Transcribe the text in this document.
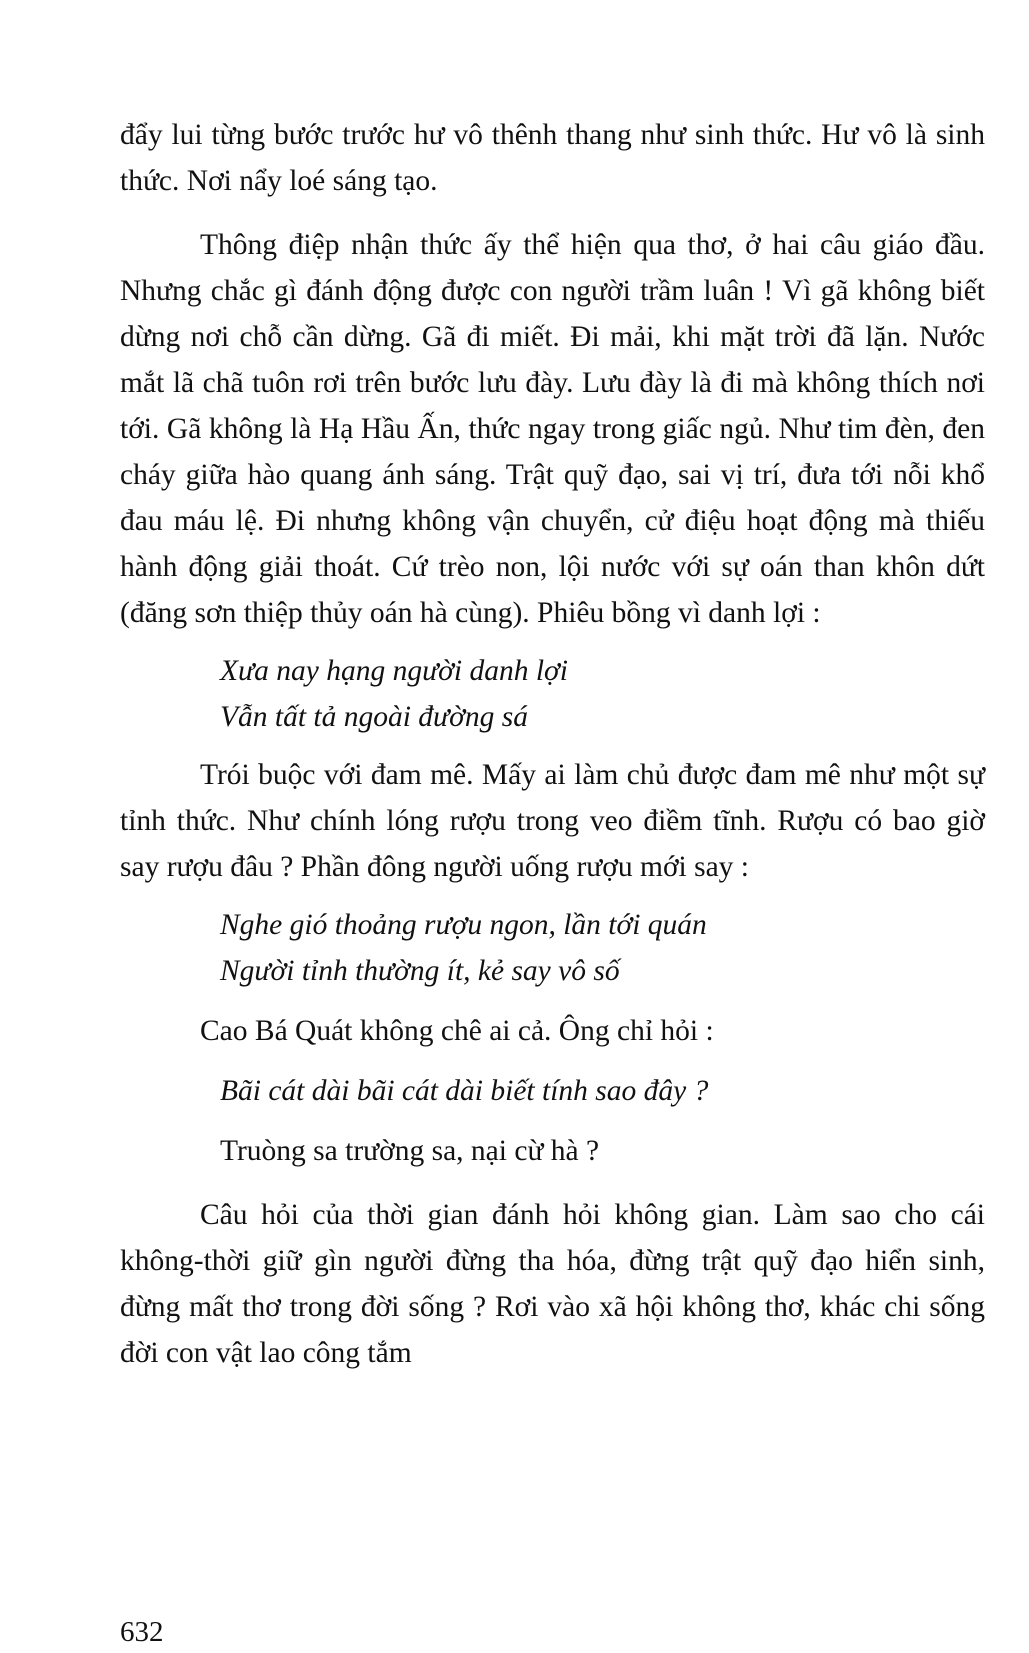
đẩy lui từng bước trước hư vô thênh thang như sinh thức. Hư vô là sinh thức. Nơi nẩy loé sáng tạo.

Thông điệp nhận thức ấy thể hiện qua thơ, ở hai câu giáo đầu. Nhưng chắc gì đánh động được con người trầm luân ! Vì gã không biết dừng nơi chỗ cần dừng. Gã đi miết. Đi mải, khi mặt trời đã lặn. Nước mắt lã chã tuôn rơi trên bước lưu đày. Lưu đày là đi mà không thích nơi tới. Gã không là Hạ Hầu Ấn, thức ngay trong giấc ngủ. Như tim đèn, đen cháy giữa hào quang ánh sáng. Trật quỹ đạo, sai vị trí, đưa tới nỗi khổ đau máu lệ. Đi nhưng không vận chuyển, cử điệu hoạt động mà thiếu hành động giải thoát. Cứ trèo non, lội nước với sự oán than khôn dứt (đăng sơn thiệp thủy oán hà cùng). Phiêu bồng vì danh lợi :

Xưa nay hạng người danh lợi

Vẫn tất tả ngoài đường sá

Trói buộc với đam mê. Mấy ai làm chủ được đam mê như một sự tỉnh thức. Như chính lóng rượu trong veo điềm tĩnh. Rượu có bao giờ say rượu đâu ? Phần đông người uống rượu mới say :

Nghe gió thoảng rượu ngon, lần tới quán

Người tỉnh thường ít, kẻ say vô số

Cao Bá Quát không chê ai cả. Ông chỉ hỏi :

Bãi cát dài bãi cát dài biết tính sao đây ?

Truòng sa trường sa, nại cừ hà ?

Câu hỏi của thời gian đánh hỏi không gian. Làm sao cho cái không-thời giữ gìn người đừng tha hóa, đừng trật quỹ đạo hiển sinh, đừng mất thơ trong đời sống ? Rơi vào xã hội không thơ, khác chi sống đời con vật lao công tắm

632
